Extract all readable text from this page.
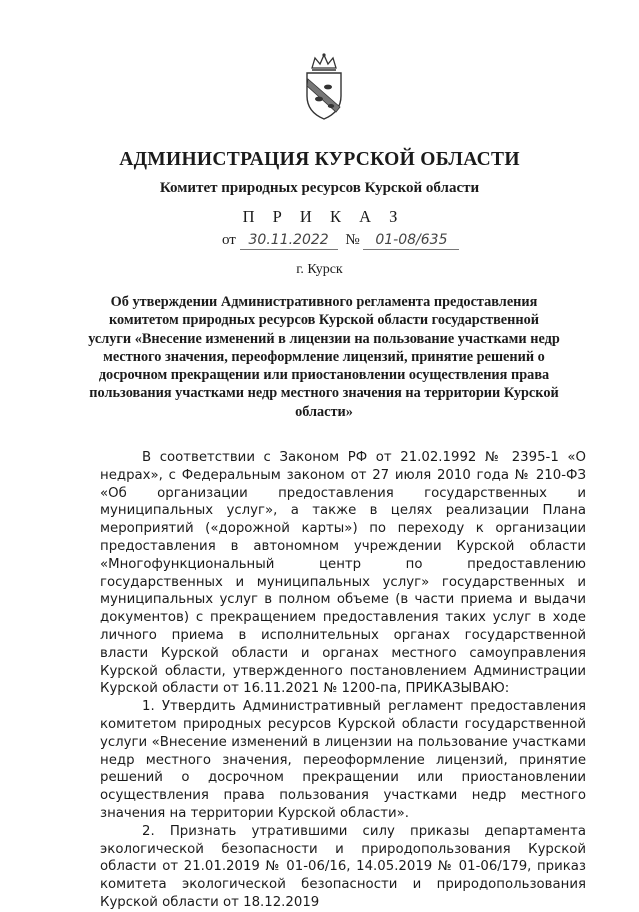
АДМИНИСТРАЦИЯ КУРСКОЙ ОБЛАСТИ
Комитет природных ресурсов Курской области
П Р И К А З
от 30.11.2022 № 01-08/635
г. Курск
Об утверждении Административного регламента предоставления комитетом природных ресурсов Курской области государственной услуги «Внесение изменений в лицензии на пользование участками недр местного значения, переоформление лицензий, принятие решений о досрочном прекращении или приостановлении осуществления права пользования участками недр местного значения на территории Курской области»

В соответствии с Законом РФ от 21.02.1992 № 2395-1 «О недрах», с Федеральным законом от 27 июля 2010 года № 210-ФЗ «Об организации предоставления государственных и муниципальных услуг», а также в целях реализации Плана мероприятий («дорожной карты») по переходу к организации предоставления в автономном учреждении Курской области «Многофункциональный центр по предоставлению государственных и муниципальных услуг» государственных и муниципальных услуг в полном объеме (в части приема и выдачи документов) с прекращением предоставления таких услуг в ходе личного приема в исполнительных органах государственной власти Курской области и органах местного самоуправления Курской области, утвержденного постановлением Администрации Курской области от 16.11.2021 № 1200-па, ПРИКАЗЫВАЮ:

1. Утвердить Административный регламент предоставления комитетом природных ресурсов Курской области государственной услуги «Внесение изменений в лицензии на пользование участками недр местного значения, переоформление лицензий, принятие решений о досрочном прекращении или приостановлении осуществления права пользования участками недр местного значения на территории Курской области».

2. Признать утратившими силу приказы департамента экологической безопасности и природопользования Курской области от 21.01.2019 № 01-06/16, 14.05.2019 № 01-06/179, приказ комитета экологической безопасности и природопользования Курской области от 18.12.2019
